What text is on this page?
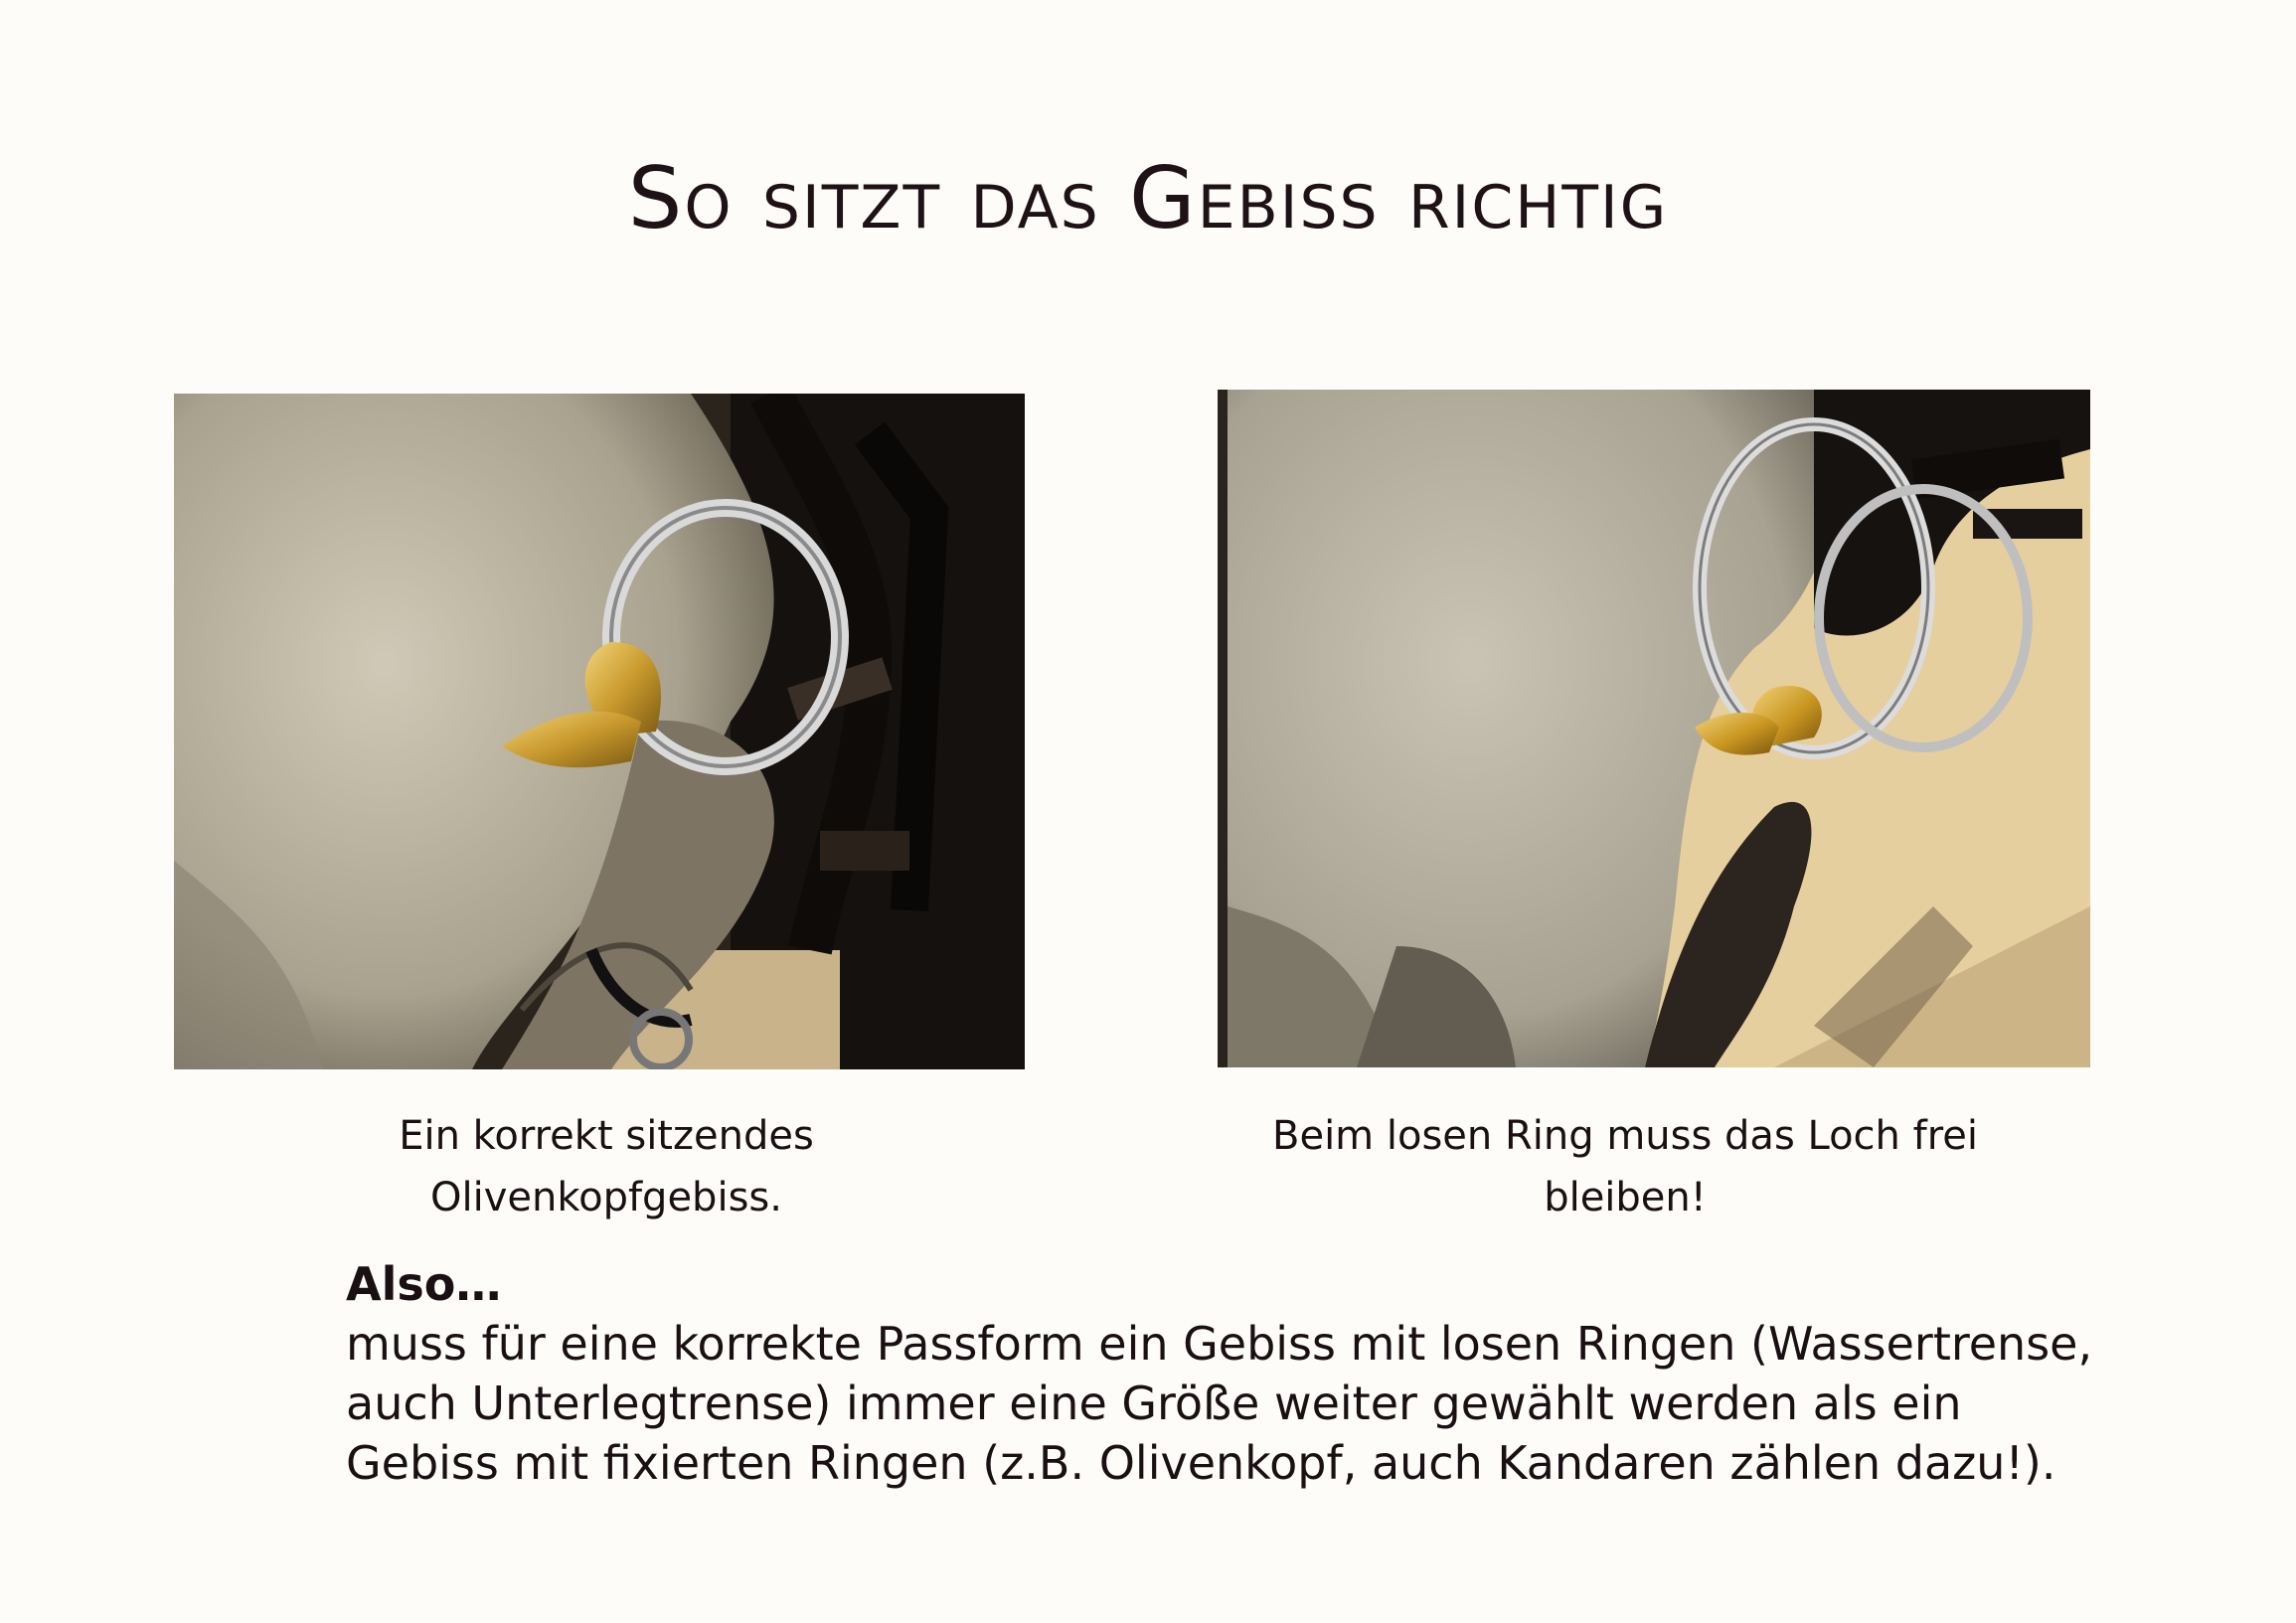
So sitzt das Gebiss richtig
Ein korrekt sitzendes Olivenkopfgebiss.
Beim losen Ring muss das Loch frei bleiben!
Also…
muss für eine korrekte Passform ein Gebiss mit losen Ringen (Wassertrense, auch Unterlegtrense) immer eine Größe weiter gewählt werden als ein Gebiss mit fixierten Ringen (z.B. Olivenkopf, auch Kandaren zählen dazu!).
